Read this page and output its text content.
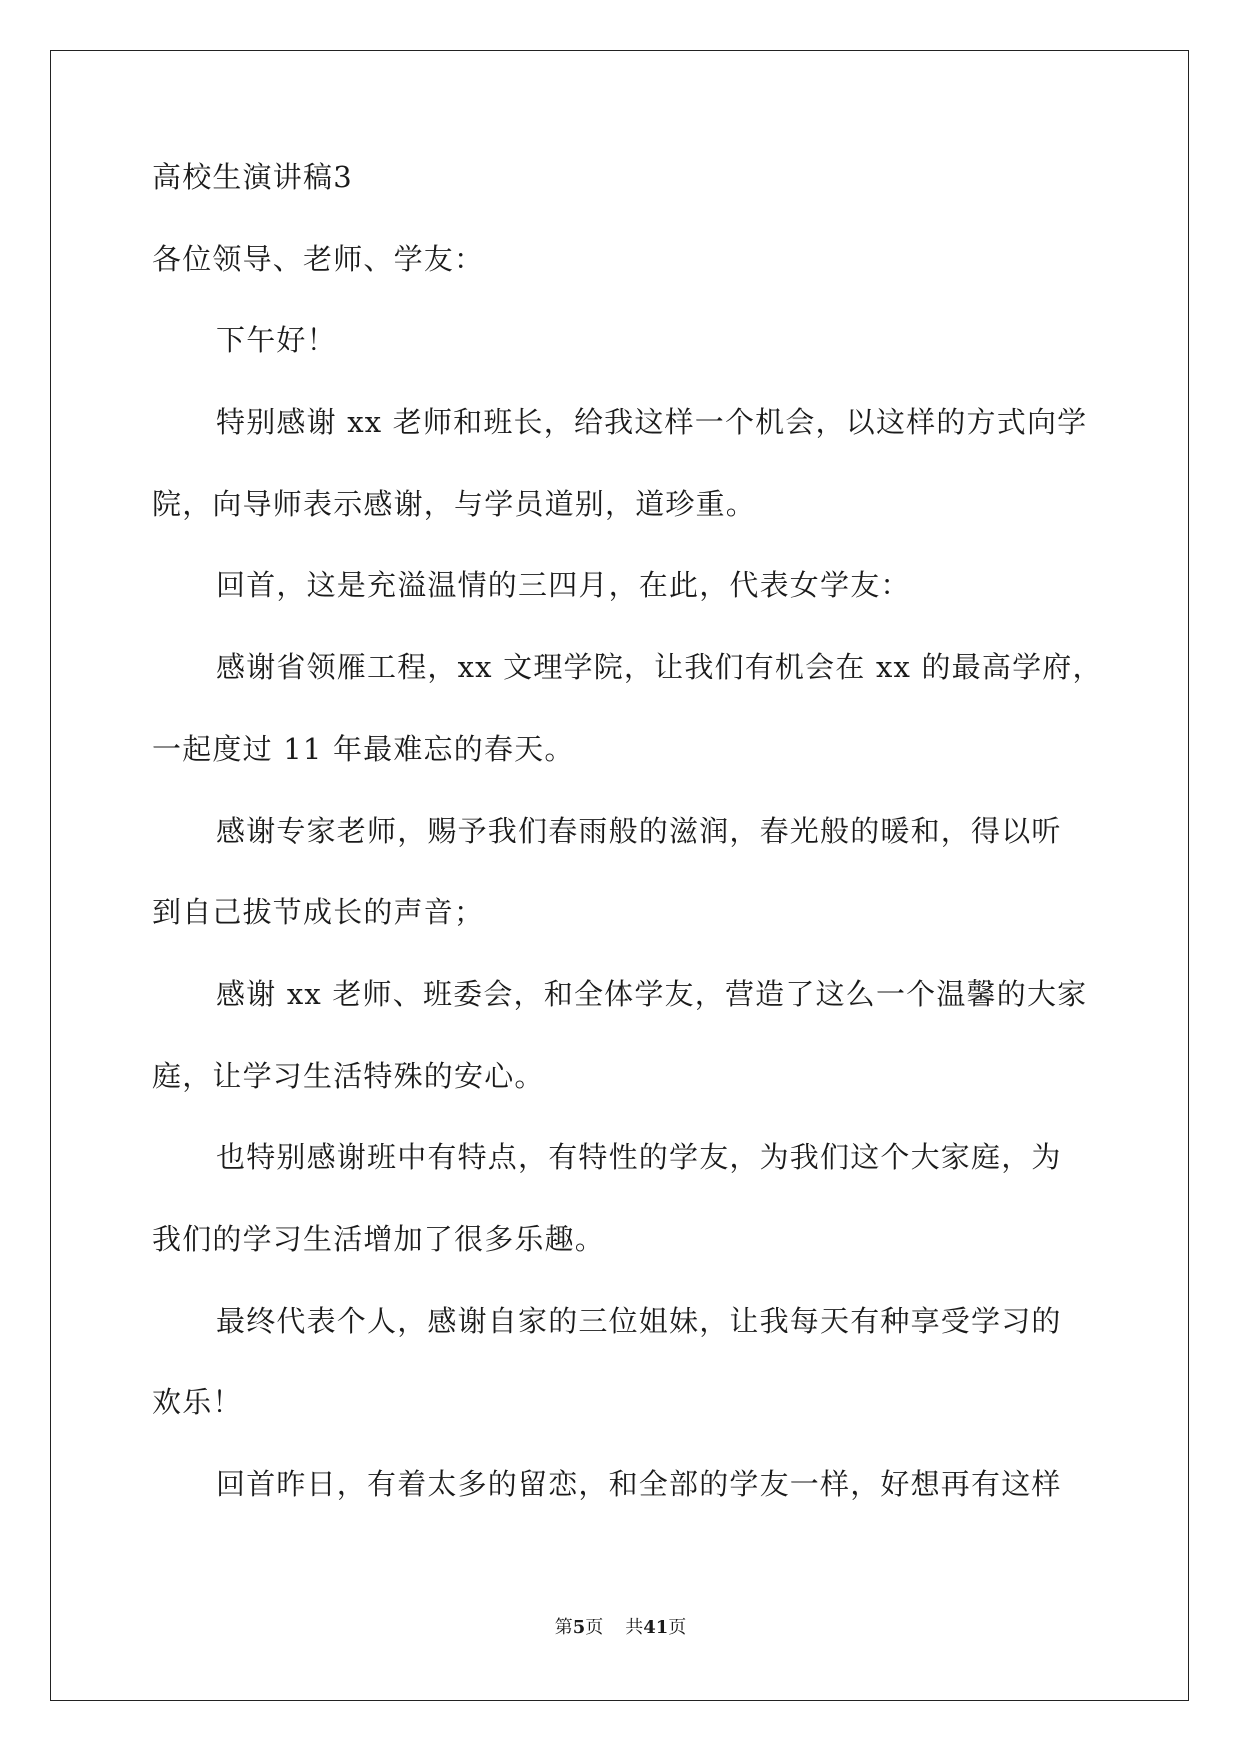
高校生演讲稿3
各位领导、老师、学友：
下午好！
特别感谢 xx 老师和班长，给我这样一个机会，以这样的方式向学
院，向导师表示感谢，与学员道别，道珍重。
回首，这是充溢温情的三四月，在此，代表女学友：
感谢省领雁工程，xx 文理学院，让我们有机会在 xx 的最高学府，
一起度过 11 年最难忘的春天。
感谢专家老师，赐予我们春雨般的滋润，春光般的暖和，得以听
到自己拔节成长的声音；
感谢 xx 老师、班委会，和全体学友，营造了这么一个温馨的大家
庭，让学习生活特殊的安心。
也特别感谢班中有特点，有特性的学友，为我们这个大家庭，为
我们的学习生活增加了很多乐趣。
最终代表个人，感谢自家的三位姐妹，让我每天有种享受学习的
欢乐！
回首昨日，有着太多的留恋，和全部的学友一样，好想再有这样
第5页 共41页
